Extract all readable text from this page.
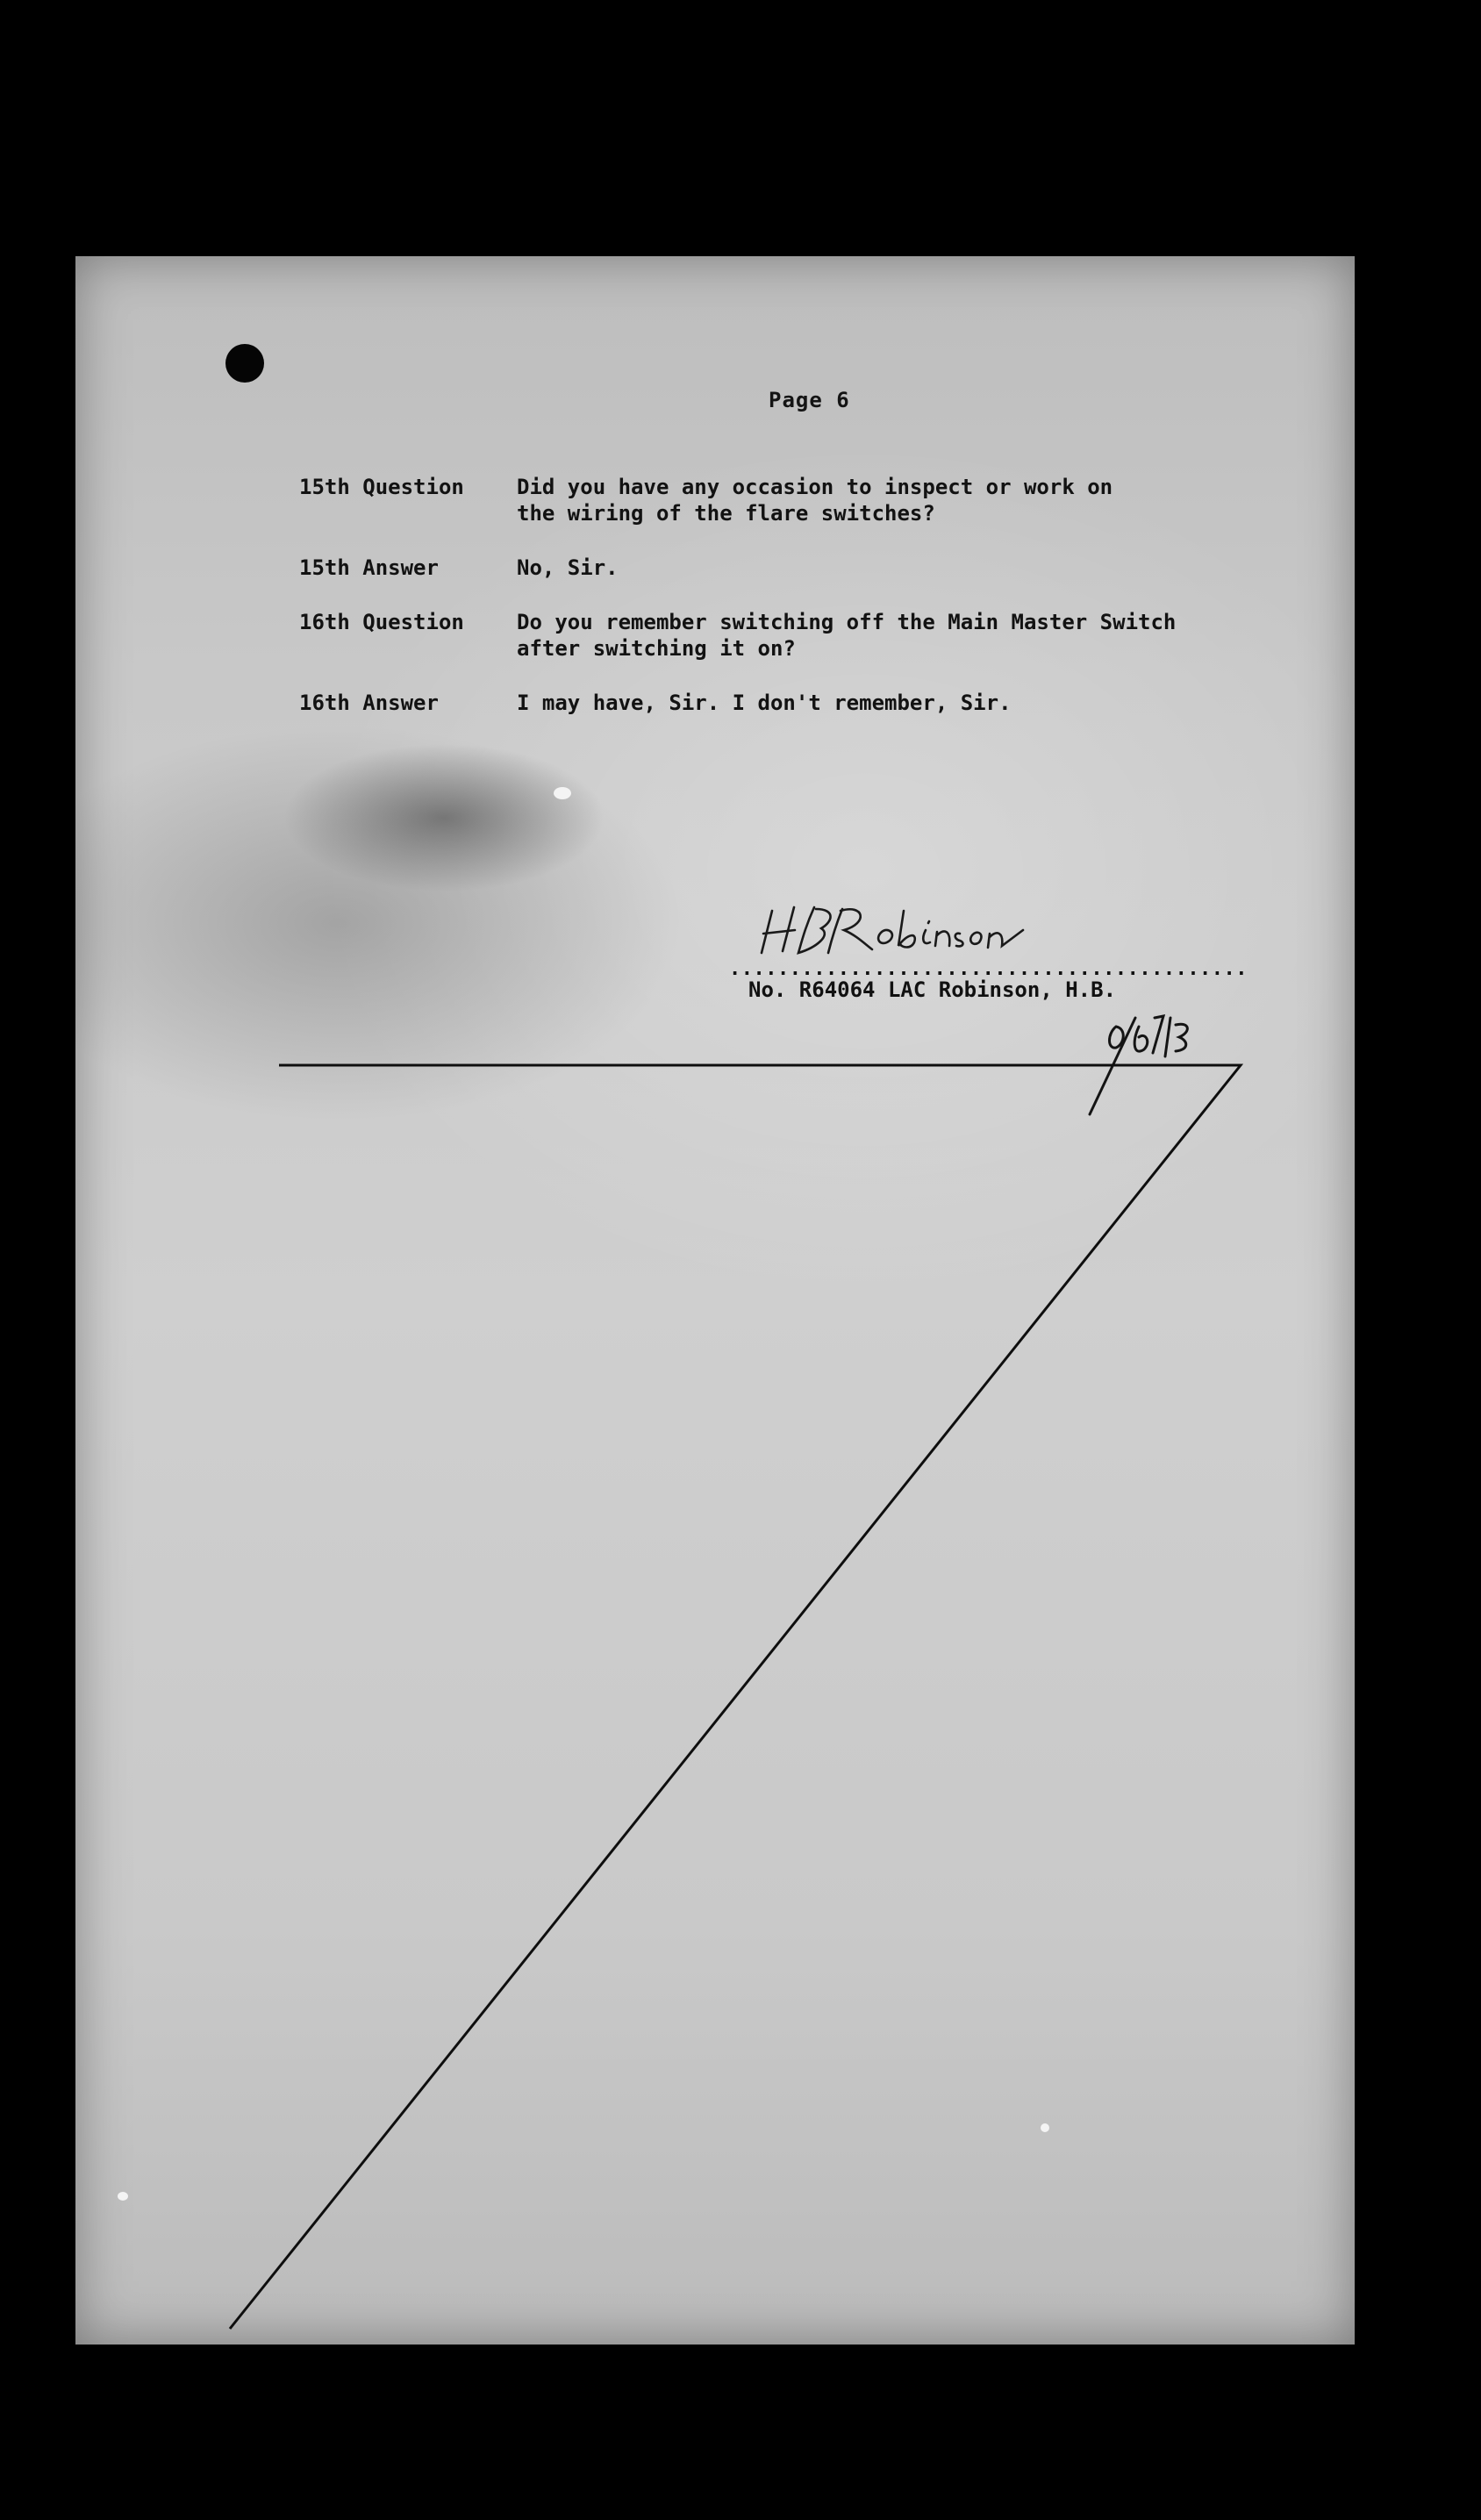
Page 6
15th Question	Did you have any occasion to inspect or work on
the wiring of the flare switches?
15th Answer	No, Sir.
16th Question	Do you remember switching off the Main Master Switch
after switching it on?
16th Answer	I may have, Sir. I don't remember, Sir.
...........................................
No. R64064 LAC Robinson, H.B.
